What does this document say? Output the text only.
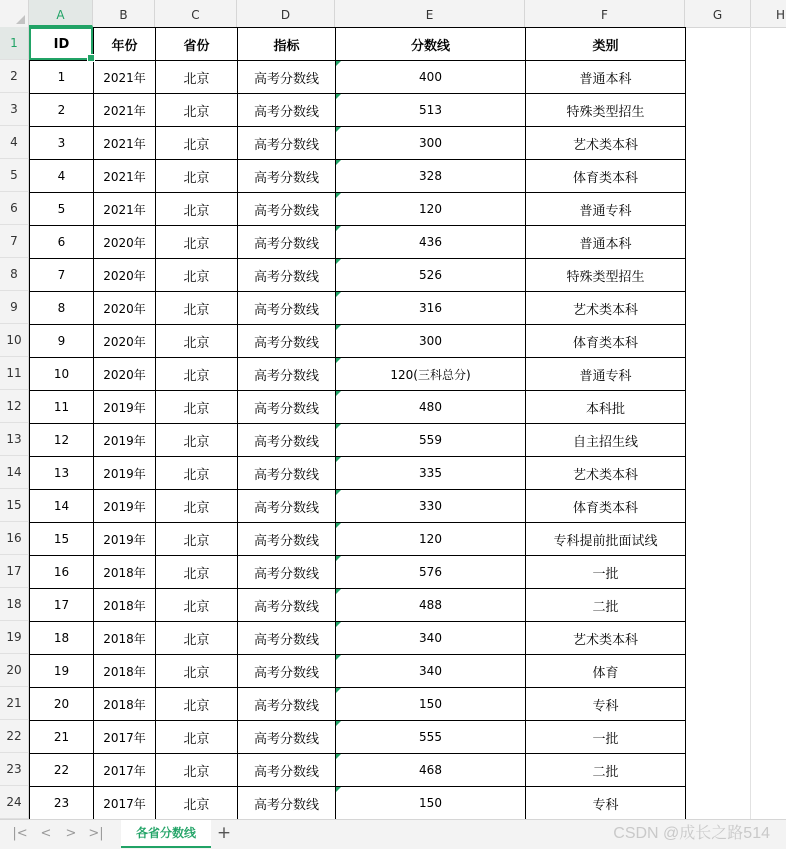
A	B	C	D	E	F	G	H
1
2
3
4
5
6
7
8
9
10
11
12
13
14
15
16
17
18
19
20
21
22
23
24
ID	年份	省份	指标	分数线	类别
1	2021年	北京	高考分数线	400	普通本科
2	2021年	北京	高考分数线	513	特殊类型招生
3	2021年	北京	高考分数线	300	艺术类本科
4	2021年	北京	高考分数线	328	体育类本科
5	2021年	北京	高考分数线	120	普通专科
6	2020年	北京	高考分数线	436	普通本科
7	2020年	北京	高考分数线	526	特殊类型招生
8	2020年	北京	高考分数线	316	艺术类本科
9	2020年	北京	高考分数线	300	体育类本科
10	2020年	北京	高考分数线	120(三科总分)	普通专科
11	2019年	北京	高考分数线	480	本科批
12	2019年	北京	高考分数线	559	自主招生线
13	2019年	北京	高考分数线	335	艺术类本科
14	2019年	北京	高考分数线	330	体育类本科
15	2019年	北京	高考分数线	120	专科提前批面试线
16	2018年	北京	高考分数线	576	一批
17	2018年	北京	高考分数线	488	二批
18	2018年	北京	高考分数线	340	艺术类本科
19	2018年	北京	高考分数线	340	体育
20	2018年	北京	高考分数线	150	专科
21	2017年	北京	高考分数线	555	一批
22	2017年	北京	高考分数线	468	二批
23	2017年	北京	高考分数线	150	专科
|< <	> >|	各省分数线	+	CSDN @成长之路514
